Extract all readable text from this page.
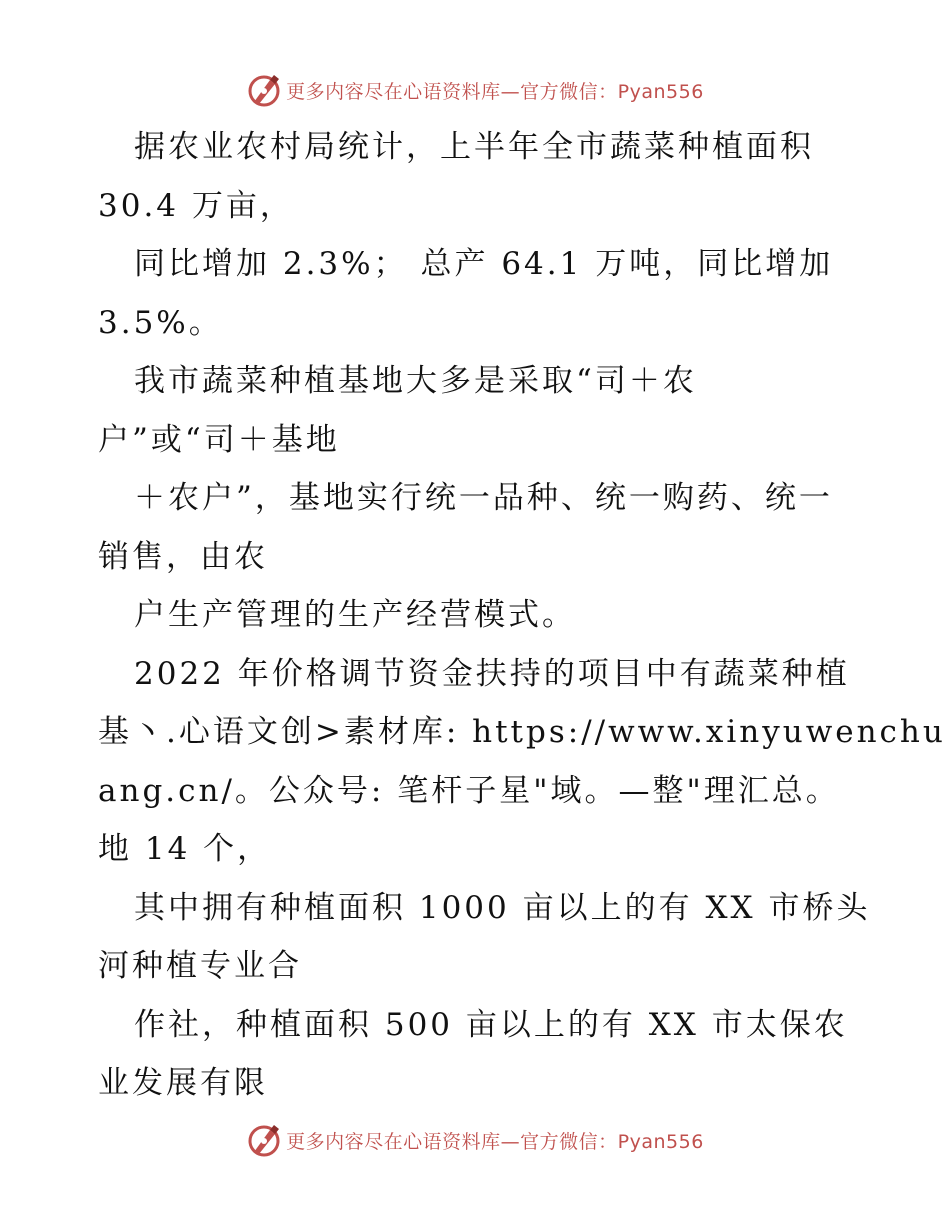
更多内容尽在心语资料库—官方微信：Pyan556
据农业农村局统计，上半年全市蔬菜种植面积
30.4 万亩，
同比增加 2.3%； 总产 64.1 万吨，同比增加
3.5%。
我市蔬菜种植基地大多是采取“司＋农
户”或“司＋基地
＋农户”，基地实行统一品种、统一购药、统一
销售，由农
户生产管理的生产经营模式。
2022 年价格调节资金扶持的项目中有蔬菜种植
基丶.心语文创>素材库: https://www.xinyuwenchu
ang.cn/。公众号: 笔杆子星"域。—整"理汇总。
地 14 个，
其中拥有种植面积 1000 亩以上的有 XX 市桥头
河种植专业合
作社，种植面积 500 亩以上的有 XX 市太保农
业发展有限
更多内容尽在心语资料库—官方微信：Pyan556
